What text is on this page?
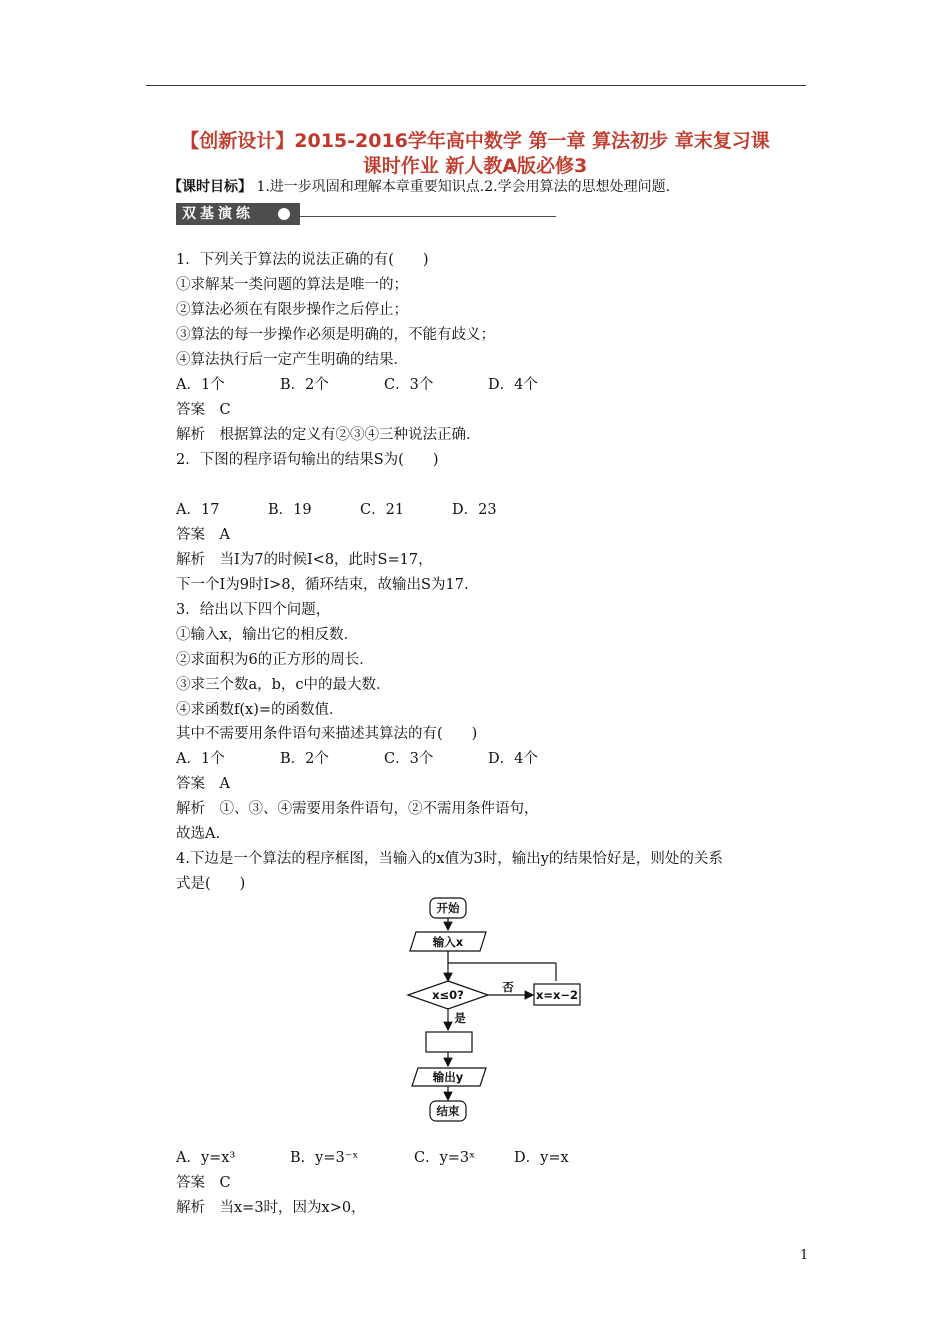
【创新设计】2015-2016学年高中数学 第一章 算法初步 章末复习课
课时作业 新人教A版必修3
【课时目标】 1.进一步巩固和理解本章重要知识点.2.学会用算法的思想处理问题.
双基演练
1．下列关于算法的说法正确的有(　　)
①求解某一类问题的算法是唯一的；
②算法必须在有限步操作之后停止；
③算法的每一步操作必须是明确的，不能有歧义；
④算法执行后一定产生明确的结果．
A．1个	B．2个	C．3个	D．4个
答案　C
解析　根据算法的定义有②③④三种说法正确．
2．下图的程序语句输出的结果S为(　　)
A．17	B．19	C．21	D．23
答案　A
解析　当I为7的时候I<8，此时S=17，
下一个I为9时I>8，循环结束，故输出S为17.
3．给出以下四个问题，
①输入x，输出它的相反数．
②求面积为6的正方形的周长．
③求三个数a，b，c中的最大数．
④求函数f(x)=的函数值．
其中不需要用条件语句来描述其算法的有(　　)
A．1个	B．2个	C．3个	D．4个
答案　A
解析　①、③、④需要用条件语句，②不需用条件语句，
故选A.
4.下边是一个算法的程序框图，当输入的x值为3时，输出y的结果恰好是，则处的关系
式是(　　)
开始
输入x
x≤0?
否
是
x=x−2
输出y
结束
A．y=x³	B．y=3⁻ˣ	C．y=3ˣ	D．y=x
答案　C
解析　当x=3时，因为x>0，
1
